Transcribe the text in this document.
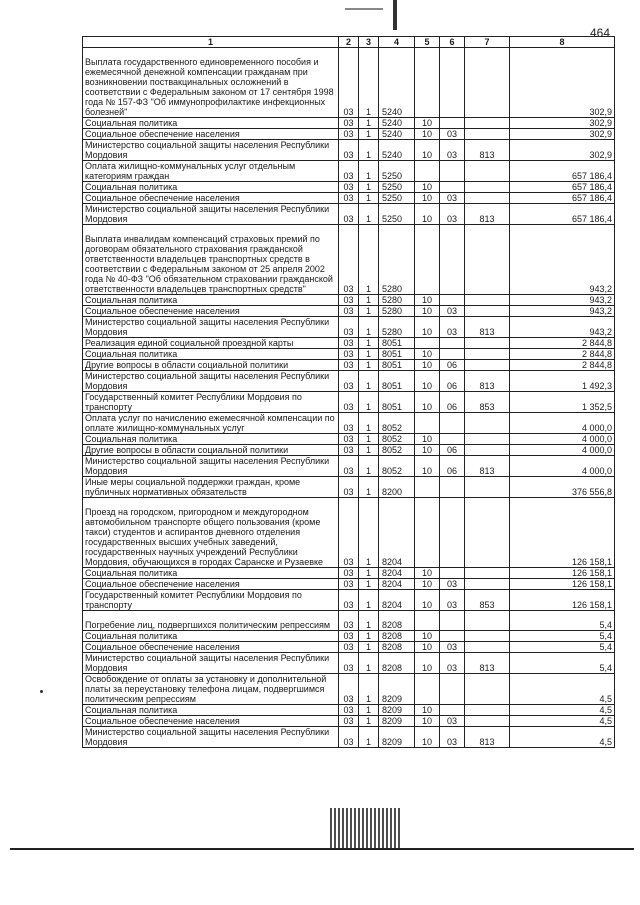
464
1	2	3	4	5	6	7	8
Выплата государственного единовременного пособия и ежемесячной денежной компенсации гражданам при возникновении поствакцинальных осложнений в соответствии с Федеральным законом от 17 сентября 1998 года № 157-ФЗ "Об иммунопрофилактике инфекционных болезней"	03	1	5240				302,9
Социальная политика	03	1	5240	10			302,9
Социальное обеспечение населения	03	1	5240	10	03		302,9
Министерство социальной защиты населения Республики Мордовия	03	1	5240	10	03	813	302,9
Оплата жилищно-коммунальных услуг отдельным категориям граждан	03	1	5250				657 186,4
Социальная политика	03	1	5250	10			657 186,4
Социальное обеспечение населения	03	1	5250	10	03		657 186,4
Министерство социальной защиты населения Республики Мордовия	03	1	5250	10	03	813	657 186,4
Выплата инвалидам компенсаций страховых премий по договорам обязательного страхования гражданской ответственности владельцев транспортных средств в соответствии с Федеральным законом от 25 апреля 2002 года № 40-ФЗ "Об обязательном страховании гражданской ответственности владельцев транспортных средств"	03	1	5280				943,2
Социальная политика	03	1	5280	10			943,2
Социальное обеспечение населения	03	1	5280	10	03		943,2
Министерство социальной защиты населения Республики Мордовия	03	1	5280	10	03	813	943,2
Реализация единой социальной проездной карты	03	1	8051				2 844,8
Социальная политика	03	1	8051	10			2 844,8
Другие вопросы в области социальной политики	03	1	8051	10	06		2 844,8
Министерство социальной защиты населения Республики Мордовия	03	1	8051	10	06	813	1 492,3
Государственный комитет Республики Мордовия по транспорту	03	1	8051	10	06	853	1 352,5
Оплата услуг по начислению ежемесячной компенсации по оплате жилищно-коммунальных услуг	03	1	8052				4 000,0
Социальная политика	03	1	8052	10			4 000,0
Другие вопросы в области социальной политики	03	1	8052	10	06		4 000,0
Министерство социальной защиты населения Республики Мордовия	03	1	8052	10	06	813	4 000,0
Иные меры социальной поддержки граждан, кроме публичных нормативных обязательств	03	1	8200				376 556,8
Проезд на городском, пригородном и междугородном автомобильном транспорте общего пользования (кроме такси) студентов и аспирантов дневного отделения государственных высших учебных заведений, государственных научных учреждений Республики Мордовия, обучающихся в городах Саранске и Рузаевке	03	1	8204				126 158,1
Социальная политика	03	1	8204	10			126 158,1
Социальное обеспечение населения	03	1	8204	10	03		126 158,1
Государственный комитет Республики Мордовия по транспорту	03	1	8204	10	03	853	126 158,1
Погребение лиц, подвергшихся политическим репрессиям	03	1	8208				5,4
Социальная политика	03	1	8208	10			5,4
Социальное обеспечение населения	03	1	8208	10	03		5,4
Министерство социальной защиты населения Республики Мордовия	03	1	8208	10	03	813	5,4
Освобождение от оплаты за установку и дополнительной платы за переустановку телефона лицам, подвергшимся политическим репрессиям	03	1	8209				4,5
Социальная политика	03	1	8209	10			4,5
Социальное обеспечение населения	03	1	8209	10	03		4,5
Министерство социальной защиты населения Республики Мордовия	03	1	8209	10	03	813	4,5
